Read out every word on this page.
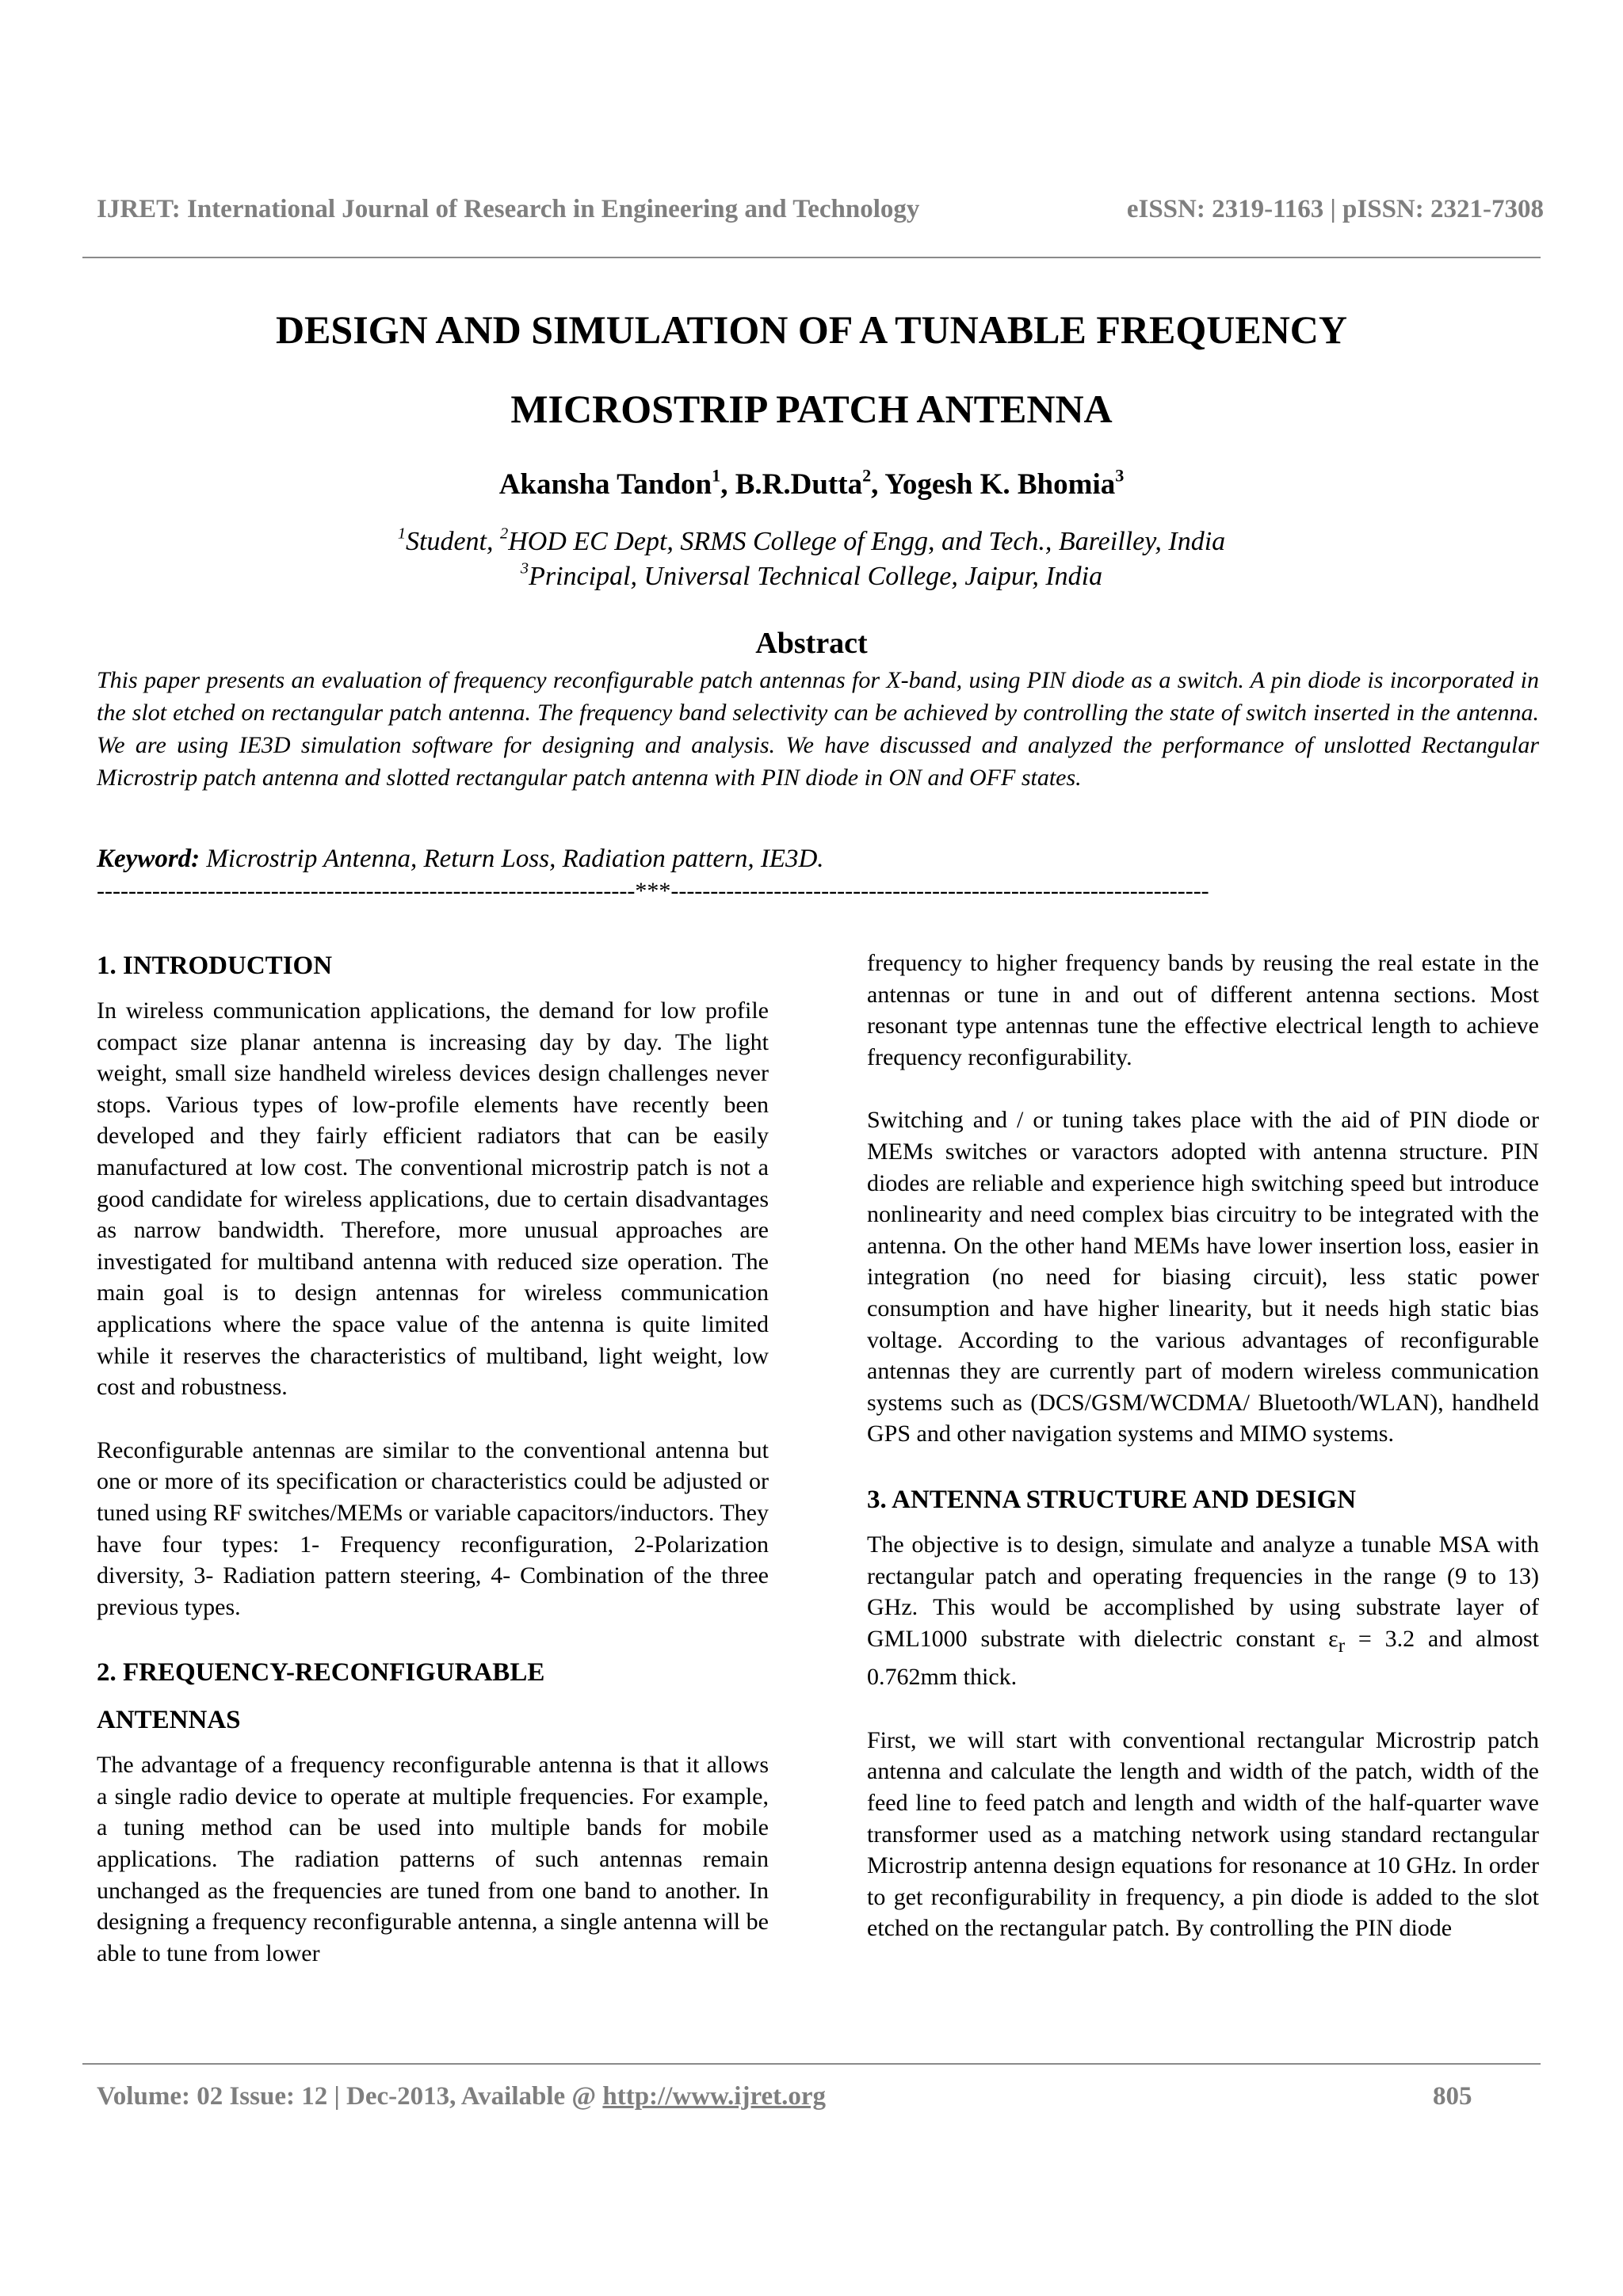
IJRET: International Journal of Research in Engineering and Technology	eISSN: 2319-1163 | pISSN: 2321-7308
DESIGN AND SIMULATION OF A TUNABLE FREQUENCY
MICROSTRIP PATCH ANTENNA
Akansha Tandon$^1$, B.R.Dutta$^2$, Yogesh K. Bhomia$^3$
$^1$Student, $^2$HOD EC Dept, SRMS College of Engg, and Tech., Bareilley, India
$^3$Principal, Universal Technical College, Jaipur, India
Abstract

This paper presents an evaluation of frequency reconfigurable patch antennas for X-band, using PIN diode as a switch. A pin diode is incorporated in the slot etched on rectangular patch antenna. The frequency band selectivity can be achieved by controlling the state of switch inserted in the antenna. We are using IE3D simulation software for designing and analysis. We have discussed and analyzed the performance of unslotted Rectangular Microstrip patch antenna and slotted rectangular patch antenna with PIN diode in ON and OFF states.

Keyword: Microstrip Antenna, Return Loss, Radiation pattern, IE3D.

--------------------------------------------------------------------***--------------------------------------------------------------------
1. INTRODUCTION

In wireless communication applications, the demand for low profile compact size planar antenna is increasing day by day. The light weight, small size handheld wireless devices design challenges never stops. Various types of low-profile elements have recently been developed and they fairly efficient radiators that can be easily manufactured at low cost. The conventional microstrip patch is not a good candidate for wireless applications, due to certain disadvantages as narrow bandwidth. Therefore, more unusual approaches are investigated for multiband antenna with reduced size operation. The main goal is to design antennas for wireless communication applications where the space value of the antenna is quite limited while it reserves the characteristics of multiband, light weight, low cost and robustness.

Reconfigurable antennas are similar to the conventional antenna but one or more of its specification or characteristics could be adjusted or tuned using RF switches/MEMs or variable capacitors/inductors. They have four types: 1- Frequency reconfiguration, 2-Polarization diversity, 3- Radiation pattern steering, 4- Combination of the three previous types.

2. FREQUENCY-RECONFIGURABLE
ANTENNAS

The advantage of a frequency reconfigurable antenna is that it allows a single radio device to operate at multiple frequencies. For example, a tuning method can be used into multiple bands for mobile applications. The radiation patterns of such antennas remain unchanged as the frequencies are tuned from one band to another. In designing a frequency reconfigurable antenna, a single antenna will be able to tune from lower

frequency to higher frequency bands by reusing the real estate in the antennas or tune in and out of different antenna sections. Most resonant type antennas tune the effective electrical length to achieve frequency reconfigurability.

Switching and / or tuning takes place with the aid of PIN diode or MEMs switches or varactors adopted with antenna structure. PIN diodes are reliable and experience high switching speed but introduce nonlinearity and need complex bias circuitry to be integrated with the antenna. On the other hand MEMs have lower insertion loss, easier in integration (no need for biasing circuit), less static power consumption and have higher linearity, but it needs high static bias voltage. According to the various advantages of reconfigurable antennas they are currently part of modern wireless communication systems such as (DCS/GSM/WCDMA/ Bluetooth/WLAN), handheld GPS and other navigation systems and MIMO systems.

3. ANTENNA STRUCTURE AND DESIGN

The objective is to design, simulate and analyze a tunable MSA with rectangular patch and operating frequencies in the range (9 to 13) GHz. This would be accomplished by using substrate layer of GML1000 substrate with dielectric constant $\varepsilon_r = 3.2$ and almost 0.762mm thick.

First, we will start with conventional rectangular Microstrip patch antenna and calculate the length and width of the patch, width of the feed line to feed patch and length and width of the half-quarter wave transformer used as a matching network using standard rectangular Microstrip antenna design equations for resonance at 10 GHz. In order to get reconfigurability in frequency, a pin diode is added to the slot etched on the rectangular patch. By controlling the PIN diode

Volume: 02 Issue: 12 | Dec-2013, Available @ http://www.ijret.org	805
